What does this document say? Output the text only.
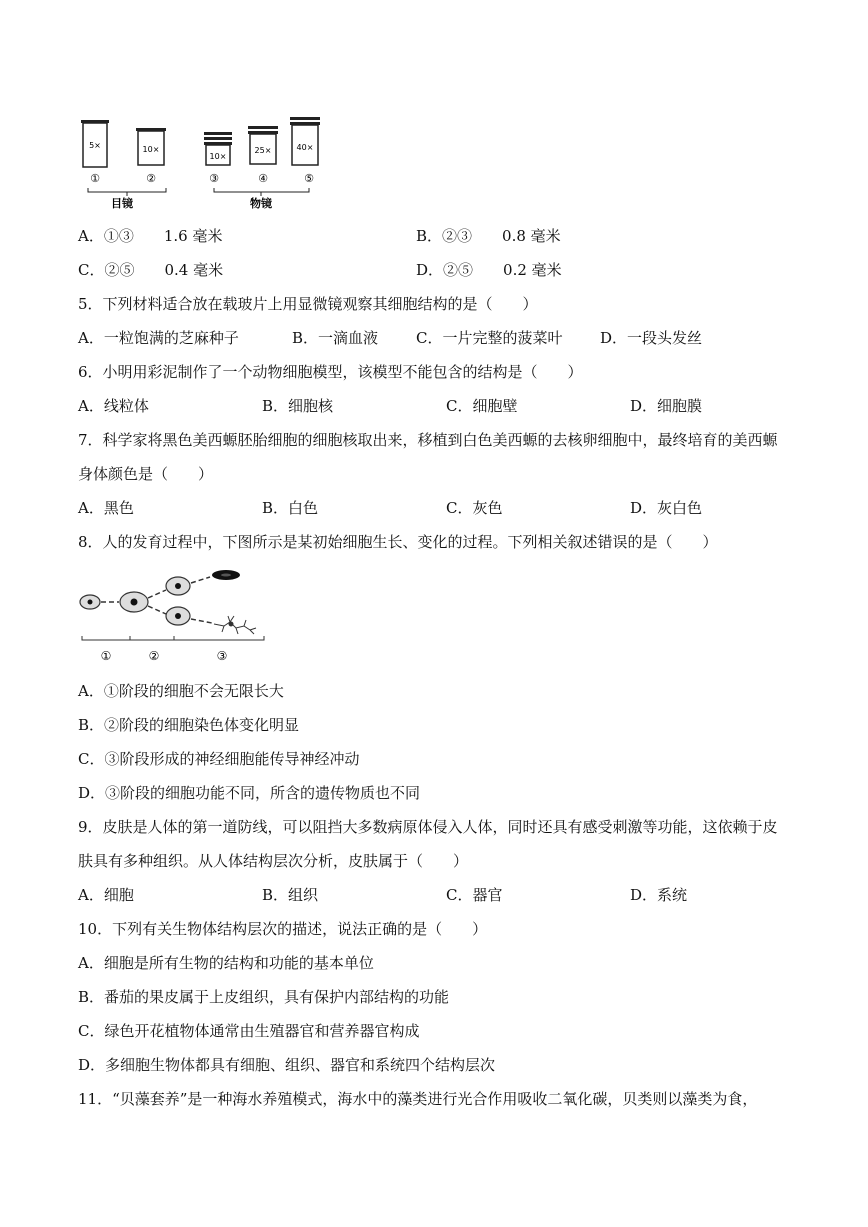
5×
①
10×
②
目镜
10×
③
25×
④
40×
⑤
物镜
A．①③　　1.6 毫米	B．②③　　0.8 毫米
C．②⑤　　0.4 毫米	D．②⑤　　0.2 毫米
5．下列材料适合放在载玻片上用显微镜观察其细胞结构的是（　　）
A．一粒饱满的芝麻种子	B．一滴血液	C．一片完整的菠菜叶	D．一段头发丝
6．小明用彩泥制作了一个动物细胞模型，该模型不能包含的结构是（　　）
A．线粒体	B．细胞核	C．细胞壁	D．细胞膜
7．科学家将黑色美西螈胚胎细胞的细胞核取出来，移植到白色美西螈的去核卵细胞中，最终培育的美西螈
身体颜色是（　　）
A．黑色	B．白色	C．灰色	D．灰白色
8．人的发育过程中，下图所示是某初始细胞生长、变化的过程。下列相关叙述错误的是（　　）
①	②	③
A．①阶段的细胞不会无限长大
B．②阶段的细胞染色体变化明显
C．③阶段形成的神经细胞能传导神经冲动
D．③阶段的细胞功能不同，所含的遗传物质也不同
9．皮肤是人体的第一道防线，可以阻挡大多数病原体侵入人体，同时还具有感受刺激等功能，这依赖于皮
肤具有多种组织。从人体结构层次分析，皮肤属于（　　）
A．细胞	B．组织	C．器官	D．系统
10．下列有关生物体结构层次的描述，说法正确的是（　　）
A．细胞是所有生物的结构和功能的基本单位
B．番茄的果皮属于上皮组织，具有保护内部结构的功能
C．绿色开花植物体通常由生殖器官和营养器官构成
D．多细胞生物体都具有细胞、组织、器官和系统四个结构层次
11．“贝藻套养”是一种海水养殖模式，海水中的藻类进行光合作用吸收二氧化碳，贝类则以藻类为食，
